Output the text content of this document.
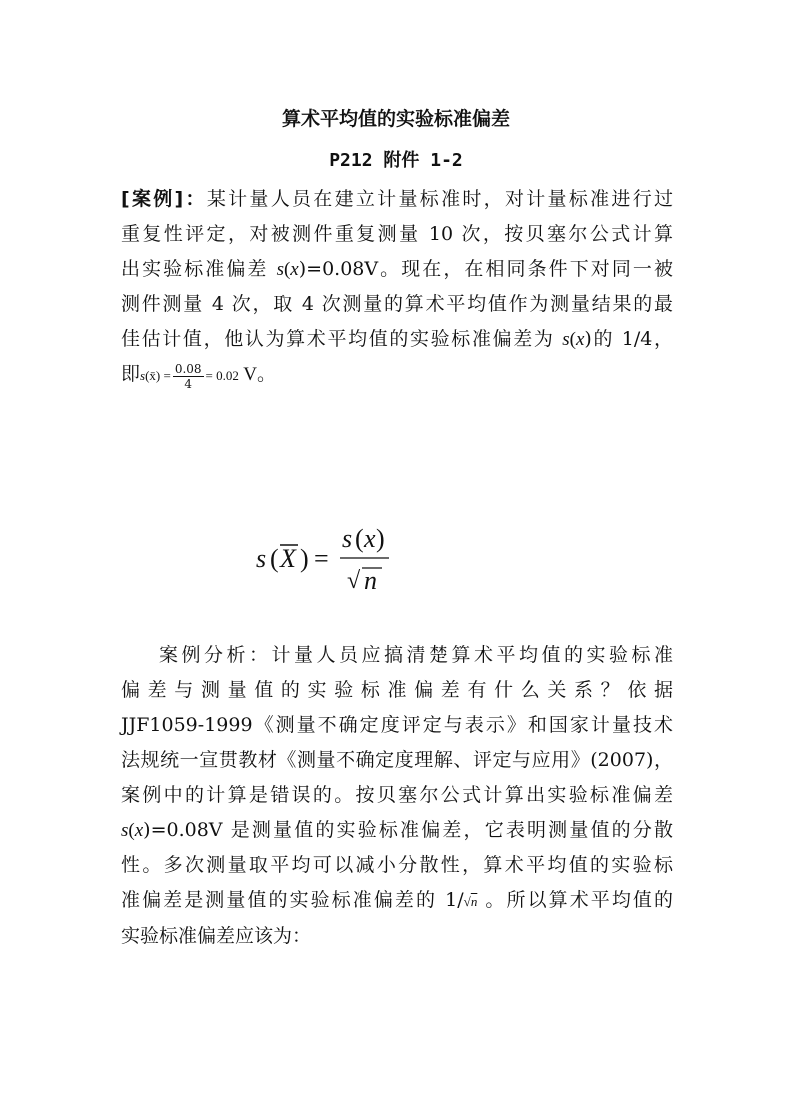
算术平均值的实验标准偏差
P212 附件 1-2
[案例]：某计量人员在建立计量标准时，对计量标准进行过
重复性评定，对被测件重复测量 10 次，按贝塞尔公式计算
出实验标准偏差 s(x)=0.08V。现在，在相同条件下对同一被
测件测量 4 次，取 4 次测量的算术平均值作为测量结果的最
佳估计值，他认为算术平均值的实验标准偏差为 s(x)的 1/4，
即s(x̄) = $\frac{0.08}{4} = 0.02$ V。
s ( X ) =
s ( x )
√ n
案例分析：计量人员应搞清楚算术平均值的实验标准
偏差与测量值的实验标准偏差有什么关系？依据
JJF1059-1999《测量不确定度评定与表示》和国家计量技术
法规统一宣贯教材《测量不确定度理解、评定与应用》(2007)，
案例中的计算是错误的。按贝塞尔公式计算出实验标准偏差
s(x)=0.08V 是测量值的实验标准偏差，它表明测量值的分散
性。多次测量取平均可以减小分散性，算术平均值的实验标
准偏差是测量值的实验标准偏差的 1/√n 。所以算术平均值的
实验标准偏差应该为：
